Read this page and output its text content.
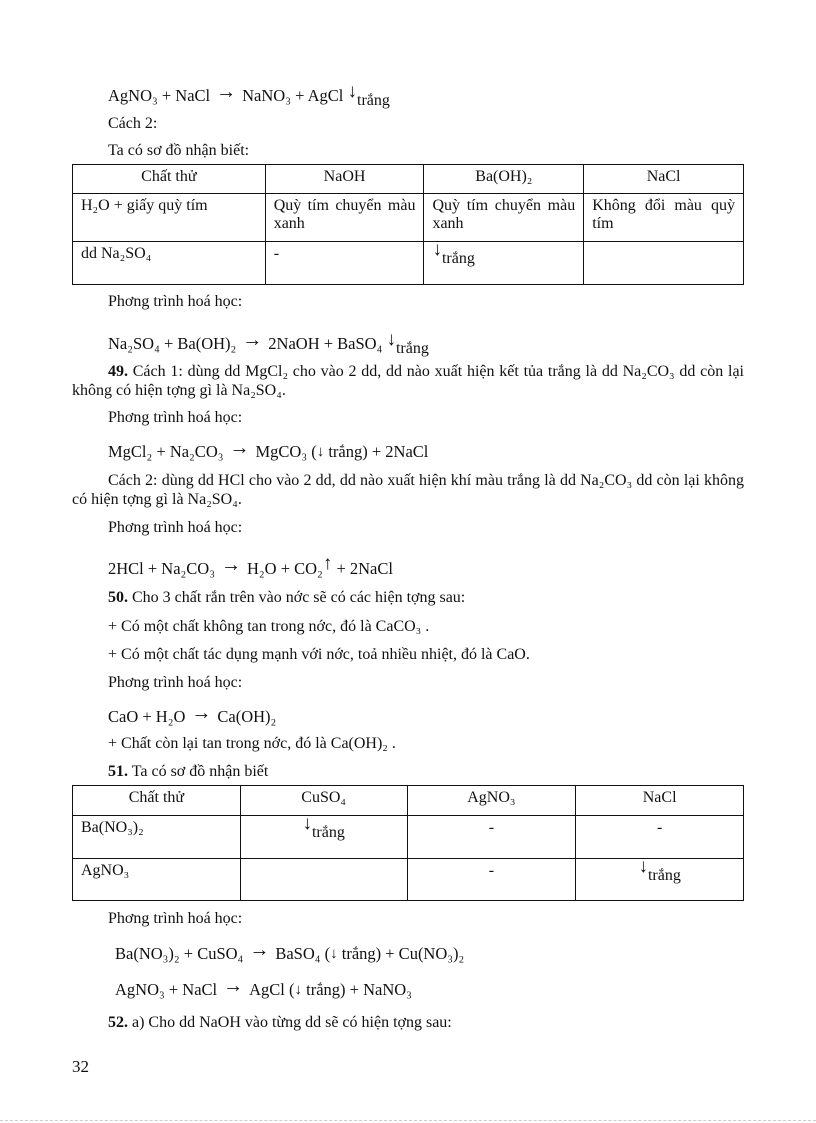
AgNO₃ + NaCl → NaNO₃ + AgCl ↓trắng
Cách 2:
Ta có sơ đồ nhận biết:
Chất thử	NaOH	Ba(OH)₂	NaCl
H₂O + giấy quỳ tím	Quỳ tím chuyển màu xanh	Quỳ tím chuyển màu xanh	Không đổi màu quỳ tím
dd Na₂SO₄	-	↓trắng	
Phơng trình hoá học:
Na₂SO₄ + Ba(OH)₂ → 2NaOH + BaSO₄ ↓trắng
49. Cách 1: dùng dd MgCl₂ cho vào 2 dd, dd nào xuất hiện kết tủa trắng là dd Na₂CO₃ dd còn lại không có hiện tợng gì là Na₂SO₄.
Phơng trình hoá học:
MgCl₂ + Na₂CO₃ → MgCO₃ (↓ trắng) + 2NaCl
Cách 2: dùng dd HCl cho vào 2 dd, dd nào xuất hiện khí màu trắng là dd Na₂CO₃ dd còn lại không có hiện tợng gì là Na₂SO₄.
Phơng trình hoá học:
2HCl + Na₂CO₃ → H₂O + CO₂↑ + 2NaCl
50. Cho 3 chất rắn trên vào nớc sẽ có các hiện tợng sau:
+ Có một chất không tan trong nớc, đó là CaCO₃ .
+ Có một chất tác dụng mạnh với nớc, toả nhiều nhiệt, đó là CaO.
Phơng trình hoá học:
CaO + H₂O → Ca(OH)₂
+ Chất còn lại tan trong nớc, đó là Ca(OH)₂ .
51. Ta có sơ đồ nhận biết
Chất thử	CuSO₄	AgNO₃	NaCl
Ba(NO₃)₂	↓trắng	-	-
AgNO₃		-	↓trắng
Phơng trình hoá học:
Ba(NO₃)₂ + CuSO₄ → BaSO₄ (↓ trắng) + Cu(NO₃)₂
AgNO₃ + NaCl → AgCl (↓ trắng) + NaNO₃
52. a) Cho dd NaOH vào từng dd sẽ có hiện tợng sau:
32
